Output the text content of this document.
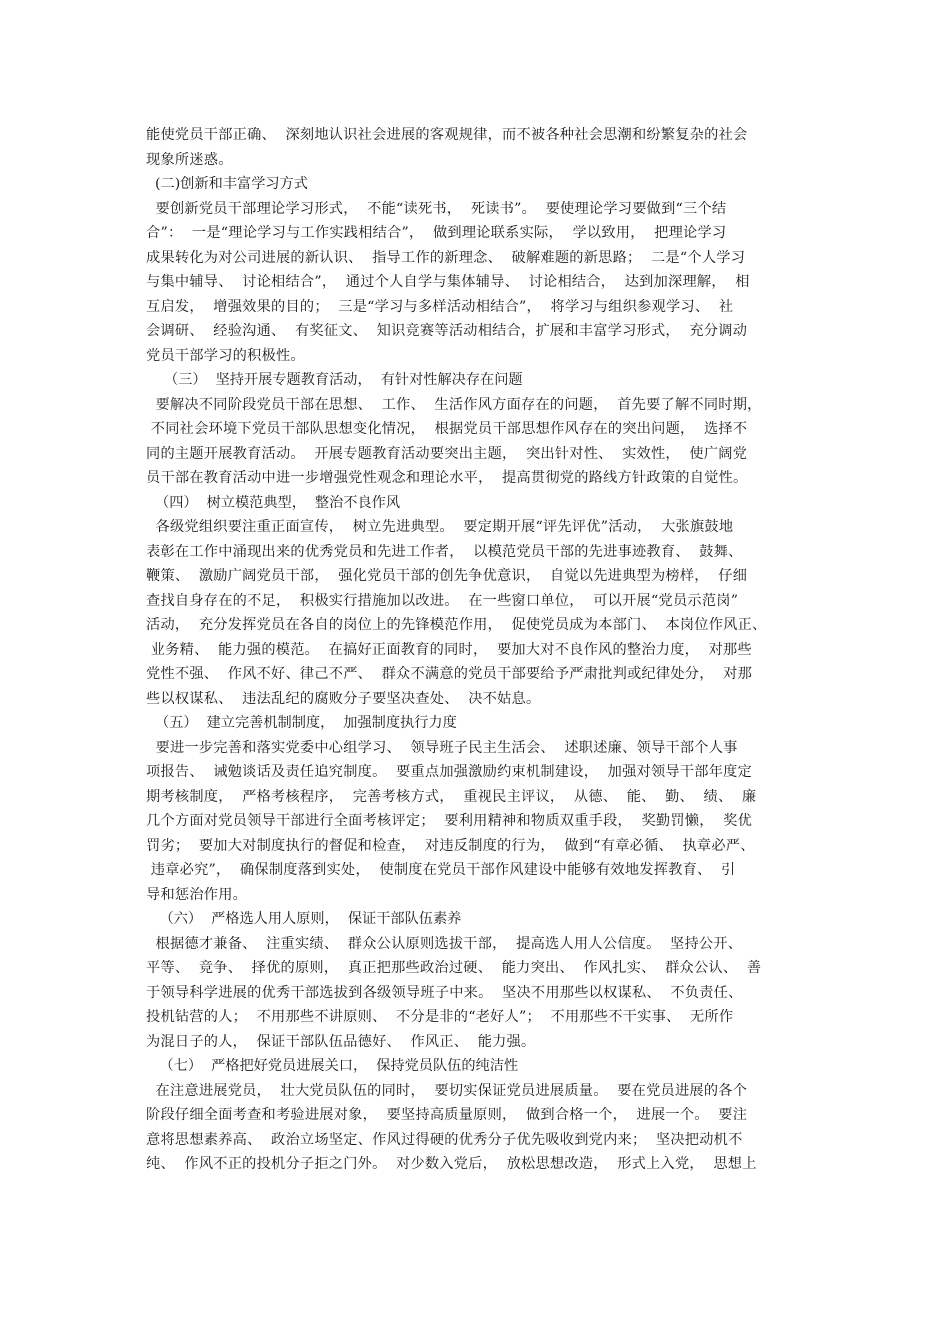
能使党员干部正确、  深刻地认识社会进展的客观规律，而不被各种社会思潮和纷繁复杂的社会
现象所迷惑。
(二)创新和丰富学习方式
要创新党员干部理论学习形式，  不能“读死书，  死读书”。  要使理论学习要做到“三个结
合”：  一是“理论学习与工作实践相结合”，  做到理论联系实际，  学以致用，  把理论学习
成果转化为对公司进展的新认识、  指导工作的新理念、  破解难题的新思路；  二是“个人学习
与集中辅导、  讨论相结合”，  通过个人自学与集体辅导、  讨论相结合，  达到加深理解，  相
互启发，  增强效果的目的；  三是“学习与多样活动相结合”，  将学习与组织参观学习、  社
会调研、  经验沟通、  有奖征文、  知识竞赛等活动相结合，扩展和丰富学习形式，  充分调动
党员干部学习的积极性。
（三）  坚持开展专题教育活动，  有针对性解决存在问题
要解决不同阶段党员干部在思想、  工作、  生活作风方面存在的问题，  首先要了解不同时期，
不同社会环境下党员干部队思想变化情况，  根据党员干部思想作风存在的突出问题，  选择不
同的主题开展教育活动。  开展专题教育活动要突出主题，  突出针对性、  实效性，  使广阔党
员干部在教育活动中进一步增强党性观念和理论水平，  提高贯彻党的路线方针政策的自觉性。
（四）  树立模范典型，  整治不良作风
各级党组织要注重正面宣传，  树立先进典型。  要定期开展“评先评优”活动，  大张旗鼓地
表彰在工作中涌现出来的优秀党员和先进工作者，  以模范党员干部的先进事迹教育、  鼓舞、
鞭策、  激励广阔党员干部，  强化党员干部的创先争优意识，  自觉以先进典型为榜样，  仔细
查找自身存在的不足，  积极实行措施加以改进。  在一些窗口单位，  可以开展“党员示范岗”
活动，  充分发挥党员在各自的岗位上的先锋模范作用，  促使党员成为本部门、  本岗位作风正、
业务精、  能力强的模范。  在搞好正面教育的同时，  要加大对不良作风的整治力度，  对那些
党性不强、  作风不好、律己不严、  群众不满意的党员干部要给予严肃批判或纪律处分，  对那
些以权谋私、  违法乱纪的腐败分子要坚决查处、  决不姑息。
（五）  建立完善机制制度，  加强制度执行力度
要进一步完善和落实党委中心组学习、  领导班子民主生活会、  述职述廉、领导干部个人事
项报告、  诫勉谈话及责任追究制度。  要重点加强激励约束机制建设，  加强对领导干部年度定
期考核制度，  严格考核程序，  完善考核方式，  重视民主评议，  从德、  能、  勤、  绩、  廉
几个方面对党员领导干部进行全面考核评定；  要利用精神和物质双重手段，  奖勤罚懒，  奖优
罚劣；  要加大对制度执行的督促和检查，  对违反制度的行为，  做到“有章必循、  执章必严、
违章必究”，  确保制度落到实处，  使制度在党员干部作风建设中能够有效地发挥教育、  引
导和惩治作用。
（六）  严格选人用人原则，  保证干部队伍素养
根据德才兼备、  注重实绩、  群众公认原则选拔干部，  提高选人用人公信度。  坚持公开、
平等、  竞争、  择优的原则，  真正把那些政治过硬、  能力突出、  作风扎实、  群众公认、  善
于领导科学进展的优秀干部选拔到各级领导班子中来。  坚决不用那些以权谋私、  不负责任、
投机钻营的人；  不用那些不讲原则、  不分是非的“老好人”；  不用那些不干实事、  无所作
为混日子的人，  保证干部队伍品德好、  作风正、  能力强。
（七）  严格把好党员进展关口，  保持党员队伍的纯洁性
在注意进展党员，  壮大党员队伍的同时，  要切实保证党员进展质量。  要在党员进展的各个
阶段仔细全面考查和考验进展对象，  要坚持高质量原则，  做到合格一个，  进展一个。  要注
意将思想素养高、  政治立场坚定、作风过得硬的优秀分子优先吸收到党内来；  坚决把动机不
纯、  作风不正的投机分子拒之门外。  对少数入党后，  放松思想改造，  形式上入党，  思想上
